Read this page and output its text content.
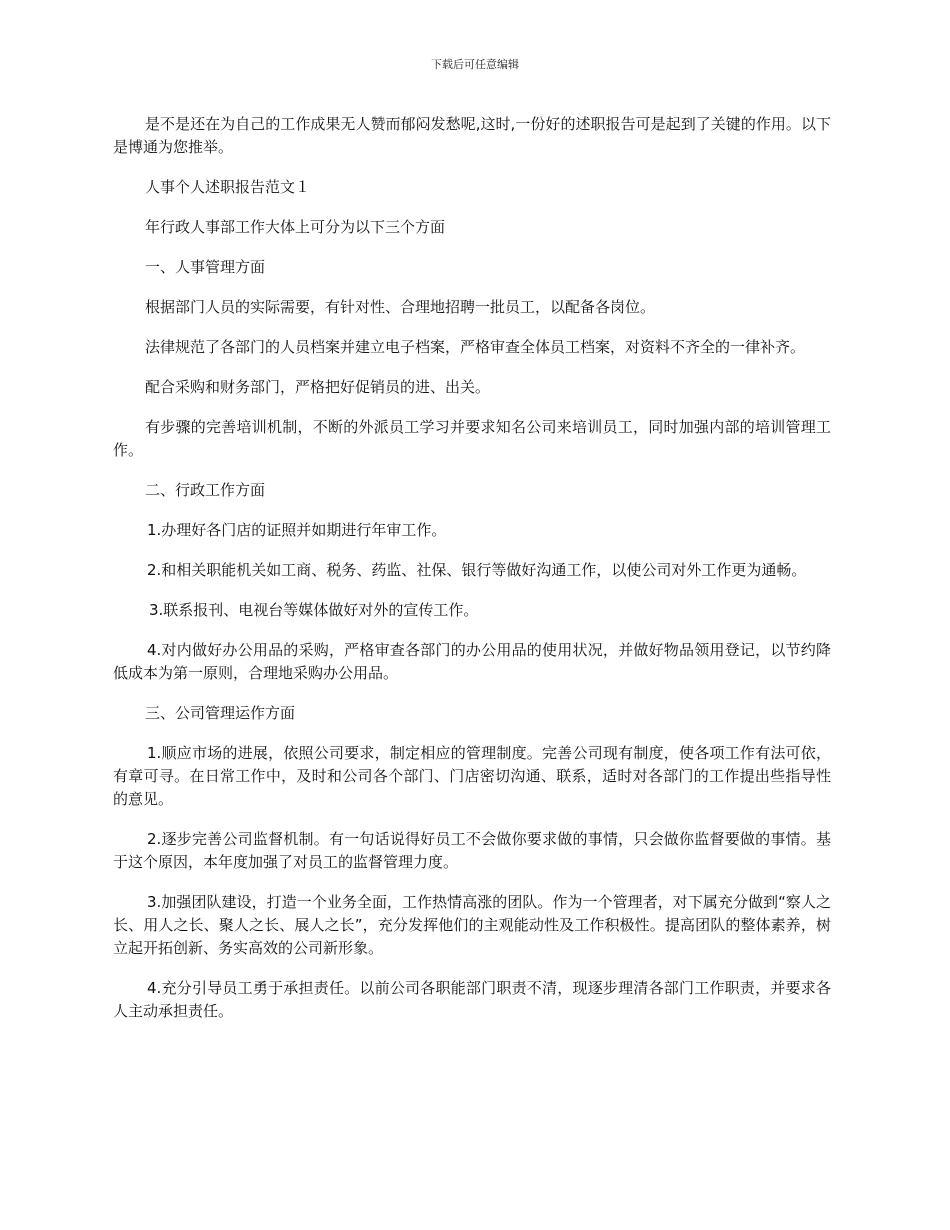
下载后可任意编辑

是不是还在为自己的工作成果无人赞而郁闷发愁呢,这时,一份好的述职报告可是起到了关键的作用。以下是博通为您推举。

人事个人述职报告范文１

年行政人事部工作大体上可分为以下三个方面

一、人事管理方面

根据部门人员的实际需要，有针对性、合理地招聘一批员工，以配备各岗位。

法律规范了各部门的人员档案并建立电子档案，严格审查全体员工档案，对资料不齐全的一律补齐。

配合采购和财务部门，严格把好促销员的进、出关。

有步骤的完善培训机制，不断的外派员工学习并要求知名公司来培训员工，同时加强内部的培训管理工作。

二、行政工作方面

1.办理好各门店的证照并如期进行年审工作。

2.和相关职能机关如工商、税务、药监、社保、银行等做好沟通工作，以使公司对外工作更为通畅。

3.联系报刊、电视台等媒体做好对外的宣传工作。

4.对内做好办公用品的采购，严格审查各部门的办公用品的使用状况，并做好物品领用登记，以节约降低成本为第一原则，合理地采购办公用品。

三、公司管理运作方面

1.顺应市场的进展，依照公司要求，制定相应的管理制度。完善公司现有制度，使各项工作有法可依，有章可寻。在日常工作中，及时和公司各个部门、门店密切沟通、联系，适时对各部门的工作提出些指导性的意见。

2.逐步完善公司监督机制。有一句话说得好员工不会做你要求做的事情，只会做你监督要做的事情。基于这个原因，本年度加强了对员工的监督管理力度。

3.加强团队建设，打造一个业务全面，工作热情高涨的团队。作为一个管理者，对下属充分做到“察人之长、用人之长、聚人之长、展人之长”，充分发挥他们的主观能动性及工作积极性。提高团队的整体素养，树立起开拓创新、务实高效的公司新形象。

4.充分引导员工勇于承担责任。以前公司各职能部门职责不清，现逐步理清各部门工作职责，并要求各人主动承担责任。
